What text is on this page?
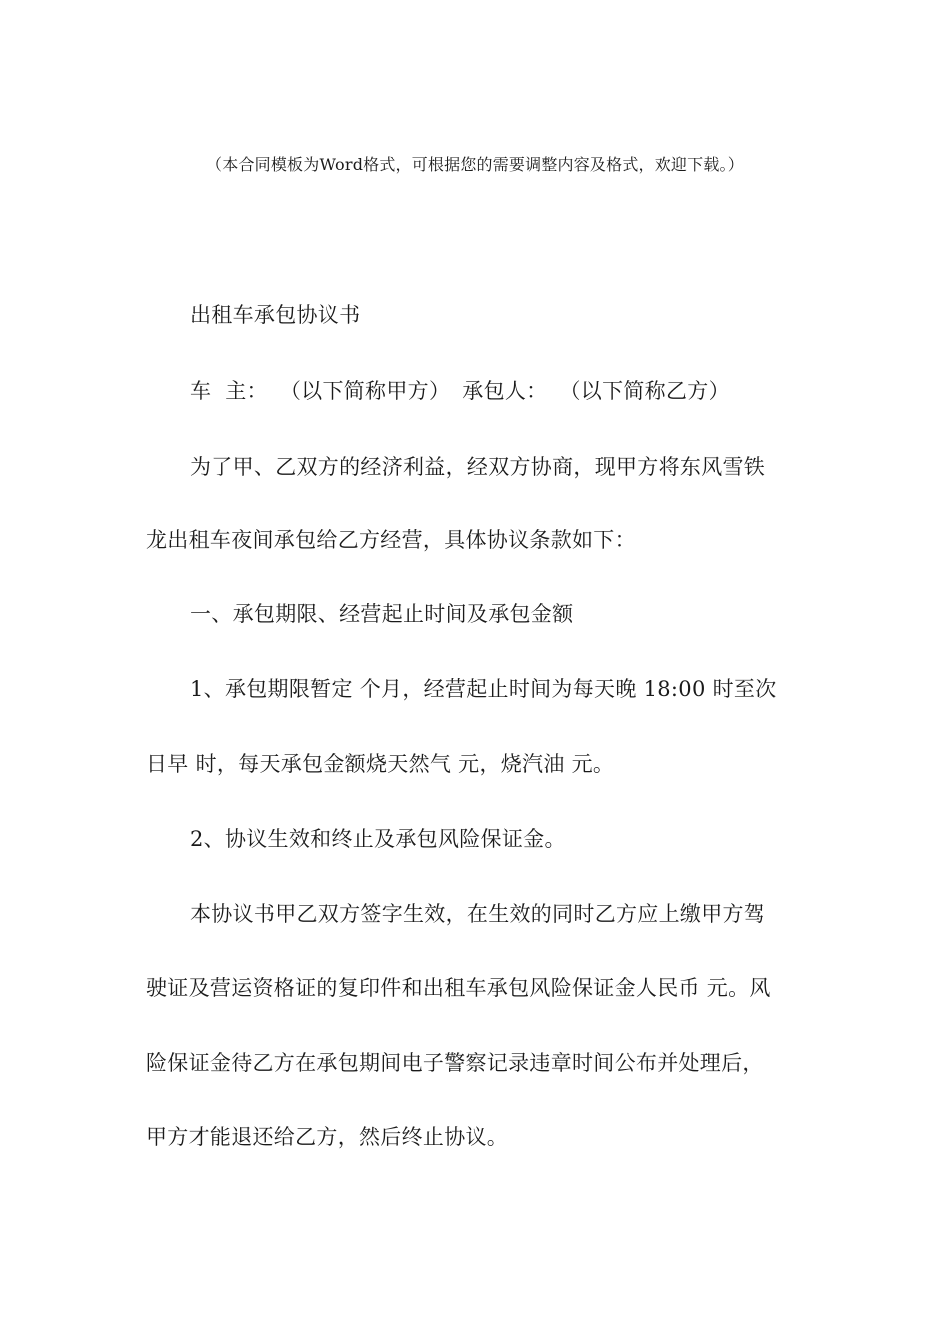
（本合同模板为Word格式，可根据您的需要调整内容及格式，欢迎下载。）
出租车承包协议书
车  主： （以下简称甲方） 承包人： （以下简称乙方）
为了甲、乙双方的经济利益，经双方协商，现甲方将东风雪铁
龙出租车夜间承包给乙方经营，具体协议条款如下：
一、承包期限、经营起止时间及承包金额
1、承包期限暂定 个月，经营起止时间为每天晚 18:00 时至次
日早 时，每天承包金额烧天然气 元，烧汽油 元。
2、协议生效和终止及承包风险保证金。
本协议书甲乙双方签字生效，在生效的同时乙方应上缴甲方驾
驶证及营运资格证的复印件和出租车承包风险保证金人民币 元。风
险保证金待乙方在承包期间电子警察记录违章时间公布并处理后，
甲方才能退还给乙方，然后终止协议。
